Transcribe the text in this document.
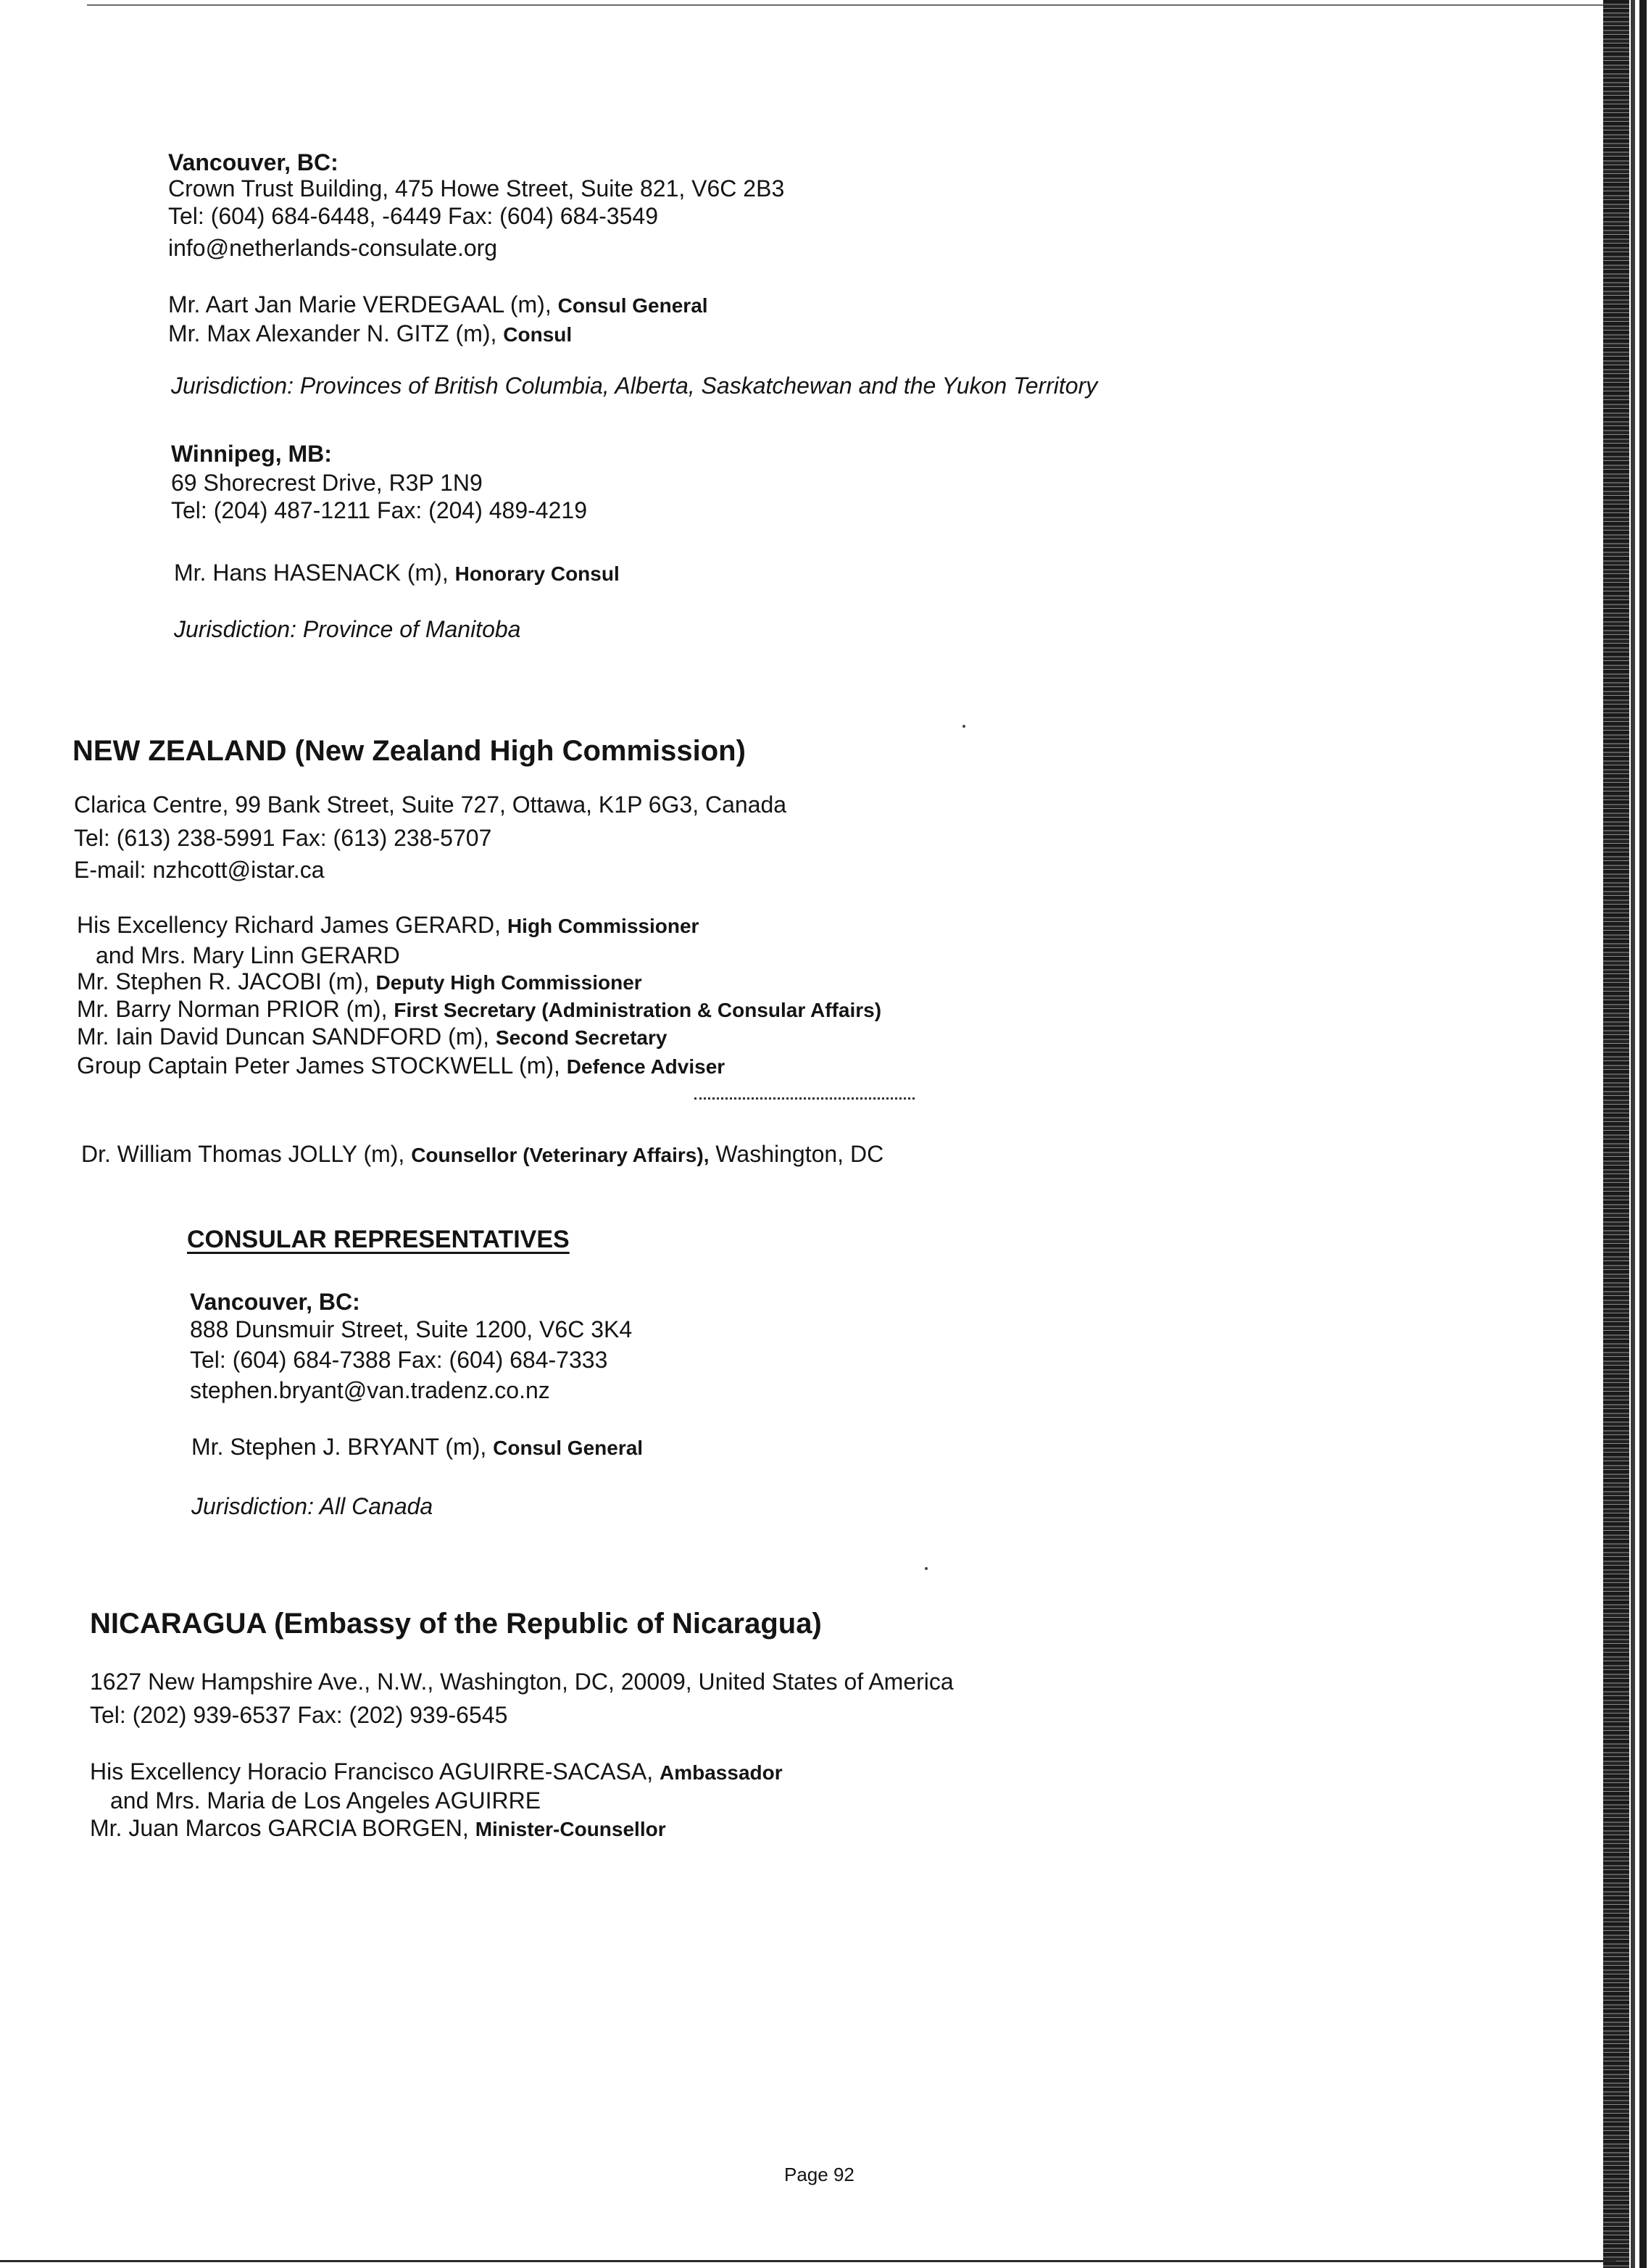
Vancouver, BC:
Crown Trust Building, 475 Howe Street, Suite 821, V6C 2B3
Tel: (604) 684-6448, -6449 Fax: (604) 684-3549
info@netherlands-consulate.org
Mr. Aart Jan Marie VERDEGAAL (m), Consul General
Mr. Max Alexander N. GITZ (m), Consul
Jurisdiction: Provinces of British Columbia, Alberta, Saskatchewan and the Yukon Territory
Winnipeg, MB:
69 Shorecrest Drive, R3P 1N9
Tel: (204) 487-1211 Fax: (204) 489-4219
Mr. Hans HASENACK (m), Honorary Consul
Jurisdiction: Province of Manitoba
NEW ZEALAND (New Zealand High Commission)
Clarica Centre, 99 Bank Street, Suite 727, Ottawa, K1P 6G3, Canada
Tel: (613) 238-5991 Fax: (613) 238-5707
E-mail: nzhcott@istar.ca
His Excellency Richard James GERARD, High Commissioner
and Mrs. Mary Linn GERARD
Mr. Stephen R. JACOBI (m), Deputy High Commissioner
Mr. Barry Norman PRIOR (m), First Secretary (Administration & Consular Affairs)
Mr. Iain David Duncan SANDFORD (m), Second Secretary
Group Captain Peter James STOCKWELL (m), Defence Adviser
Dr. William Thomas JOLLY (m), Counsellor (Veterinary Affairs), Washington, DC
CONSULAR REPRESENTATIVES
Vancouver, BC:
888 Dunsmuir Street, Suite 1200, V6C 3K4
Tel: (604) 684-7388 Fax: (604) 684-7333
stephen.bryant@van.tradenz.co.nz
Mr. Stephen J. BRYANT (m), Consul General
Jurisdiction: All Canada
NICARAGUA (Embassy of the Republic of Nicaragua)
1627 New Hampshire Ave., N.W., Washington, DC, 20009, United States of America
Tel: (202) 939-6537 Fax: (202) 939-6545
His Excellency Horacio Francisco AGUIRRE-SACASA, Ambassador
and Mrs. Maria de Los Angeles AGUIRRE
Mr. Juan Marcos GARCIA BORGEN, Minister-Counsellor
Page 92
